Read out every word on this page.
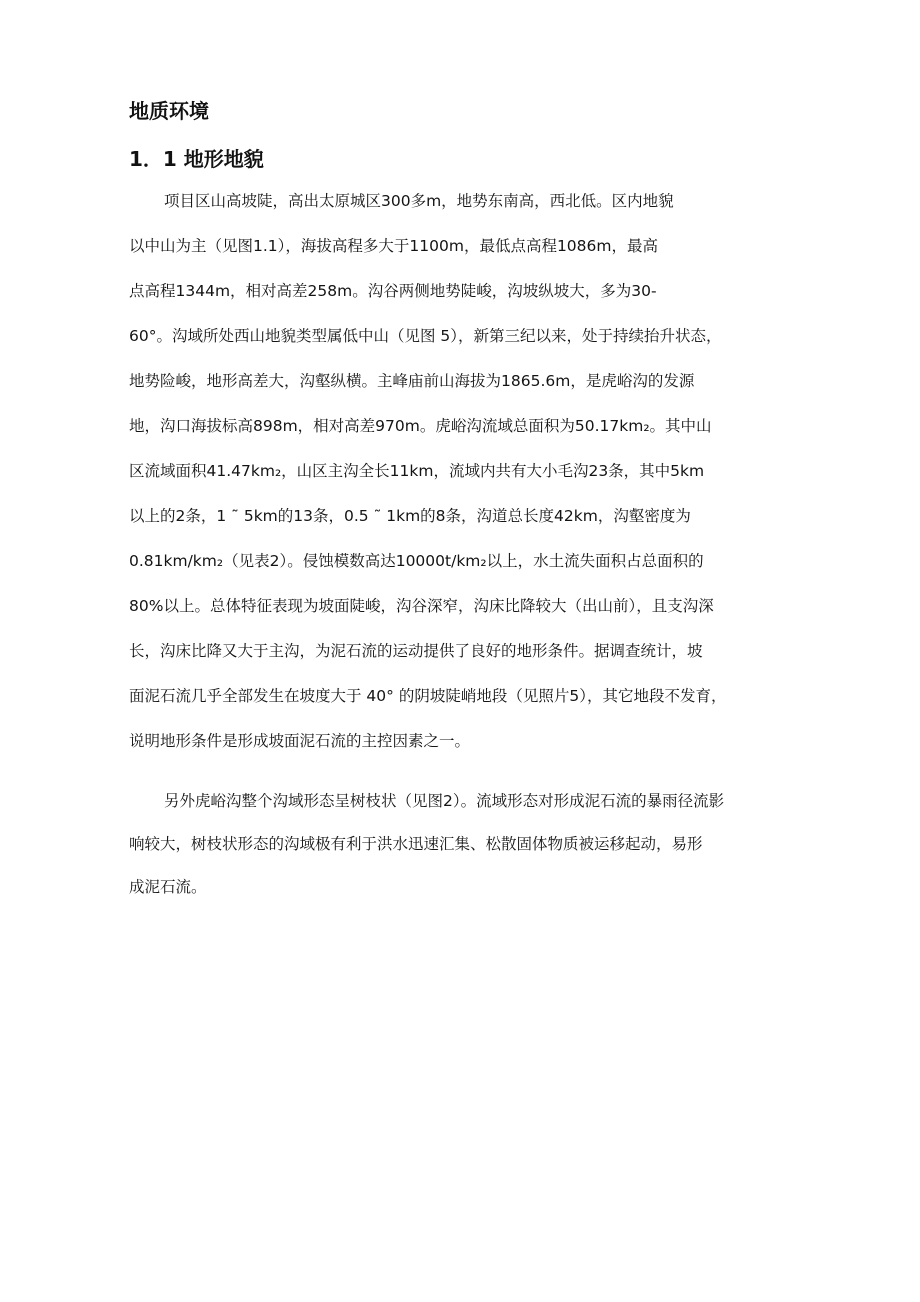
地质环境
1．1 地形地貌
项目区山高坡陡，高出太原城区300多m，地势东南高，西北低。区内地貌
以中山为主（见图1.1），海拔高程多大于1100m，最低点高程1086m，最高
点高程1344m，相对高差258m。沟谷两侧地势陡峻，沟坡纵坡大，多为30-
60°。沟域所处西山地貌类型属低中山（见图 5），新第三纪以来，处于持续抬升状态，
地势险峻，地形高差大，沟壑纵横。主峰庙前山海拔为1865.6m，是虎峪沟的发源
地，沟口海拔标高898m，相对高差970m。虎峪沟流域总面积为50.17km₂。其中山
区流域面积41.47km₂，山区主沟全长11km，流域内共有大小毛沟23条，其中5km
以上的2条，1 ˜ 5km的13条，0.5 ˜ 1km的8条，沟道总长度42km，沟壑密度为
0.81km/km₂（见表2）。侵蚀模数高达10000t/km₂以上，水土流失面积占总面积的
80%以上。总体特征表现为坡面陡峻，沟谷深窄，沟床比降较大（出山前），且支沟深
长，沟床比降又大于主沟，为泥石流的运动提供了良好的地形条件。据调查统计，坡
面泥石流几乎全部发生在坡度大于 40° 的阴坡陡峭地段（见照片5），其它地段不发育，
说明地形条件是形成坡面泥石流的主控因素之一。
另外虎峪沟整个沟域形态呈树枝状（见图2）。流域形态对形成泥石流的暴雨径流影
响较大，树枝状形态的沟域极有利于洪水迅速汇集、松散固体物质被运移起动，易形
成泥石流。
